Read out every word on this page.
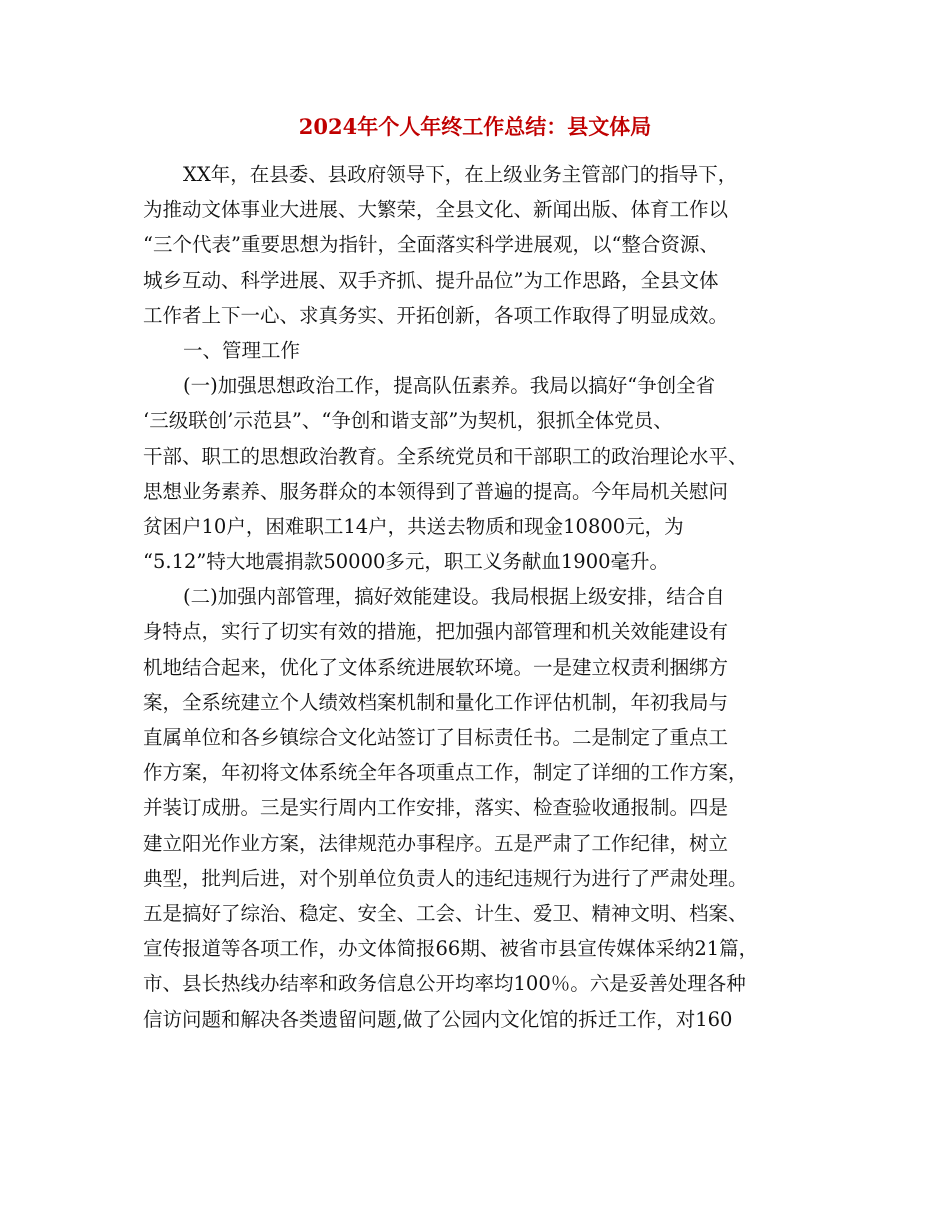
2024年个人年终工作总结：县文体局
XX年，在县委、县政府领导下，在上级业务主管部门的指导下，
为推动文体事业大进展、大繁荣，全县文化、新闻出版、体育工作以
“三个代表”重要思想为指针，全面落实科学进展观，以“整合资源、
城乡互动、科学进展、双手齐抓、提升品位”为工作思路，全县文体
工作者上下一心、求真务实、开拓创新，各项工作取得了明显成效。
一、管理工作
(一)加强思想政治工作，提高队伍素养。我局以搞好“争创全省
‘三级联创’示范县”、“争创和谐支部”为契机，狠抓全体党员、
干部、职工的思想政治教育。全系统党员和干部职工的政治理论水平、
思想业务素养、服务群众的本领得到了普遍的提高。今年局机关慰问
贫困户10户，困难职工14户，共送去物质和现金10800元，为
“5.12”特大地震捐款50000多元，职工义务献血1900毫升。
(二)加强内部管理，搞好效能建设。我局根据上级安排，结合自
身特点，实行了切实有效的措施，把加强内部管理和机关效能建设有
机地结合起来，优化了文体系统进展软环境。一是建立权责利捆绑方
案，全系统建立个人绩效档案机制和量化工作评估机制，年初我局与
直属单位和各乡镇综合文化站签订了目标责任书。二是制定了重点工
作方案，年初将文体系统全年各项重点工作，制定了详细的工作方案，
并装订成册。三是实行周内工作安排，落实、检查验收通报制。四是
建立阳光作业方案，法律规范办事程序。五是严肃了工作纪律，树立
典型，批判后进，对个别单位负责人的违纪违规行为进行了严肃处理。
五是搞好了综治、稳定、安全、工会、计生、爱卫、精神文明、档案、
宣传报道等各项工作，办文体简报66期、被省市县宣传媒体采纳21篇，
市、县长热线办结率和政务信息公开均率均100％。六是妥善处理各种
信访问题和解决各类遗留问题,做了公园内文化馆的拆迁工作，对160
